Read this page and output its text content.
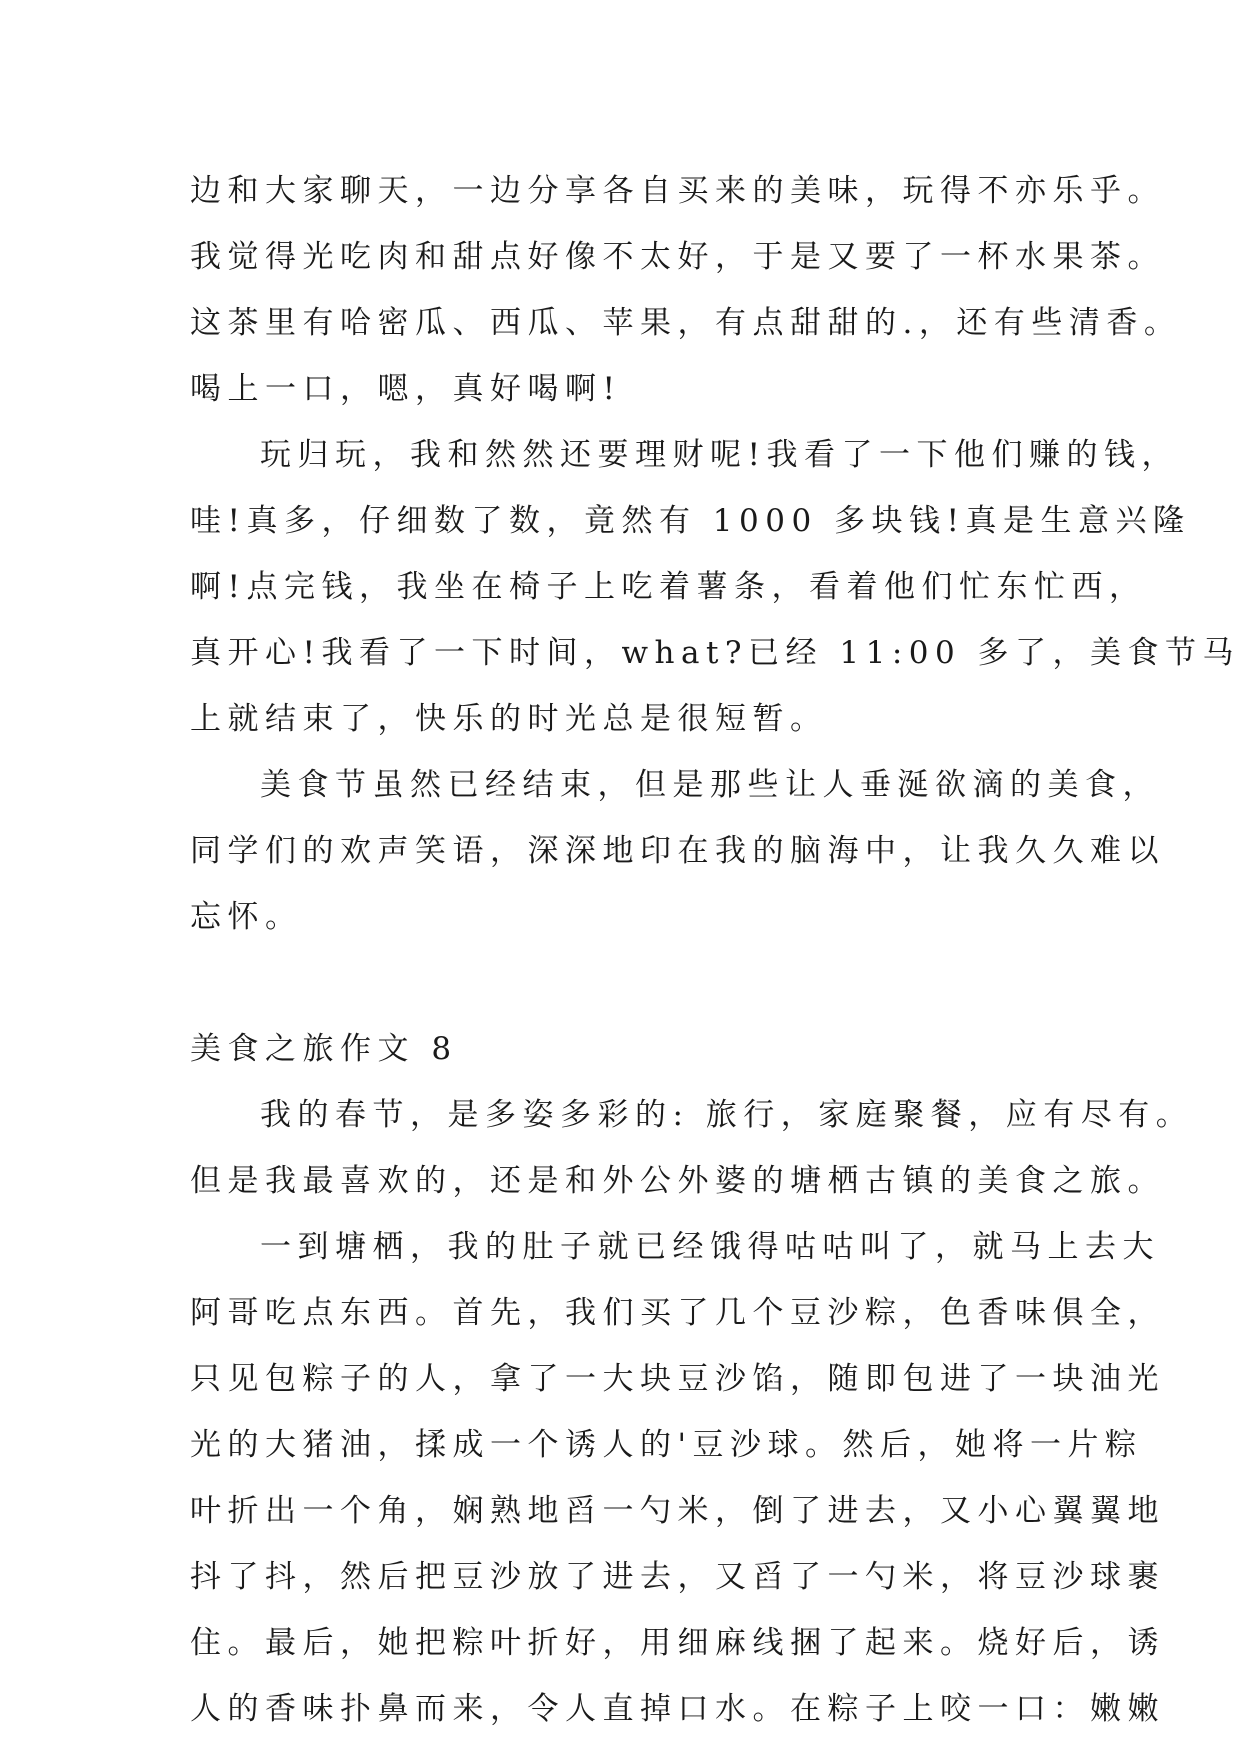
边和大家聊天，一边分享各自买来的美味，玩得不亦乐乎。
我觉得光吃肉和甜点好像不太好，于是又要了一杯水果茶。
这茶里有哈密瓜、西瓜、苹果，有点甜甜的.，还有些清香。
喝上一口，嗯，真好喝啊!
玩归玩，我和然然还要理财呢!我看了一下他们赚的钱，
哇!真多，仔细数了数，竟然有 1000 多块钱!真是生意兴隆
啊!点完钱，我坐在椅子上吃着薯条，看着他们忙东忙西，
真开心!我看了一下时间，what?已经 11:00 多了，美食节马
上就结束了，快乐的时光总是很短暂。
美食节虽然已经结束，但是那些让人垂涎欲滴的美食，
同学们的欢声笑语，深深地印在我的脑海中，让我久久难以
忘怀。
美食之旅作文 8
我的春节，是多姿多彩的: 旅行，家庭聚餐，应有尽有。
但是我最喜欢的，还是和外公外婆的塘栖古镇的美食之旅。
一到塘栖，我的肚子就已经饿得咕咕叫了，就马上去大
阿哥吃点东西。首先，我们买了几个豆沙粽，色香味俱全，
只见包粽子的人，拿了一大块豆沙馅，随即包进了一块油光
光的大猪油，揉成一个诱人的'豆沙球。然后，她将一片粽
叶折出一个角，娴熟地舀一勺米，倒了进去，又小心翼翼地
抖了抖，然后把豆沙放了进去，又舀了一勺米，将豆沙球裹
住。最后，她把粽叶折好，用细麻线捆了起来。烧好后，诱
人的香味扑鼻而来，令人直掉口水。在粽子上咬一口：嫩嫩
